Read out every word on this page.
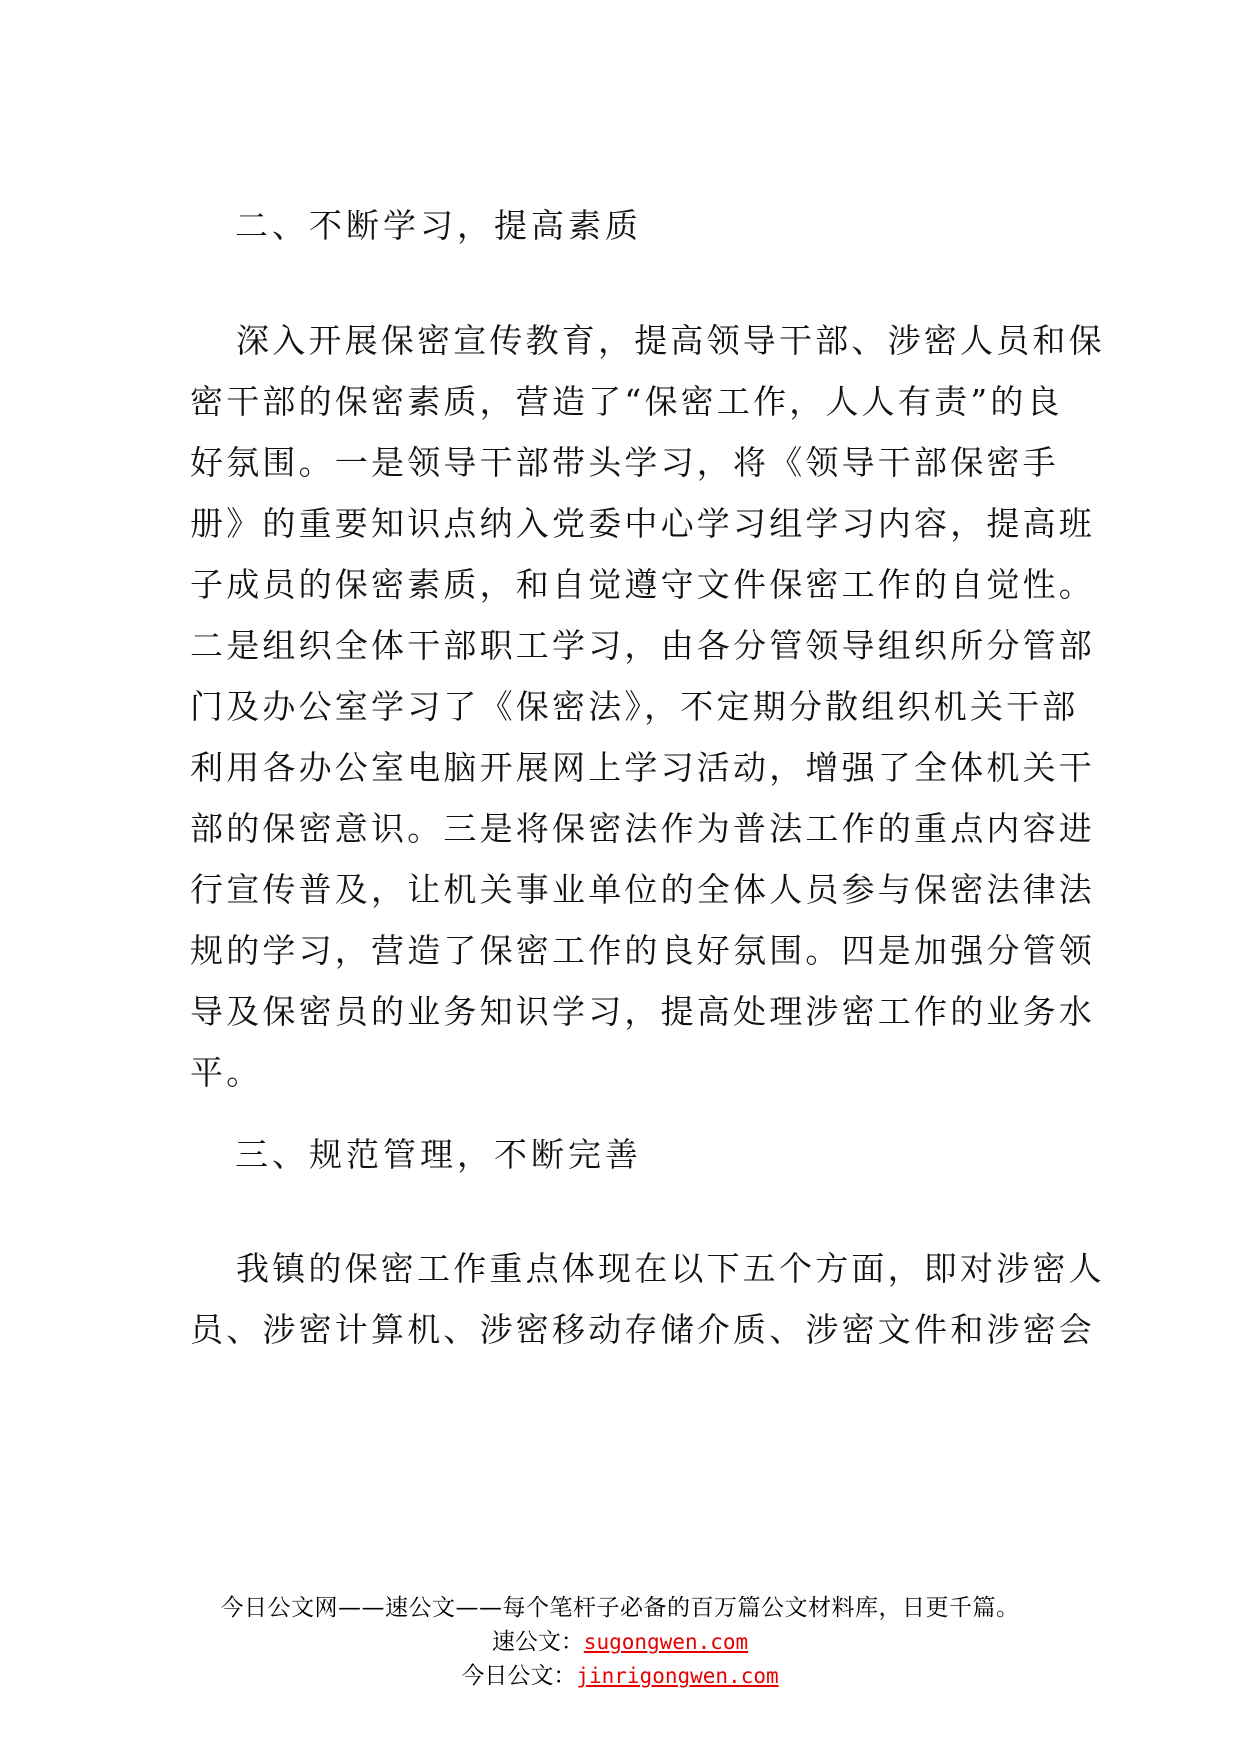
二、不断学习，提高素质
深入开展保密宣传教育，提高领导干部、涉密人员和保
密干部的保密素质，营造了“保密工作，人人有责”的良
好氛围。一是领导干部带头学习，将《领导干部保密手
册》的重要知识点纳入党委中心学习组学习内容，提高班
子成员的保密素质，和自觉遵守文件保密工作的自觉性。
二是组织全体干部职工学习，由各分管领导组织所分管部
门及办公室学习了《保密法》，不定期分散组织机关干部
利用各办公室电脑开展网上学习活动，增强了全体机关干
部的保密意识。三是将保密法作为普法工作的重点内容进
行宣传普及，让机关事业单位的全体人员参与保密法律法
规的学习，营造了保密工作的良好氛围。四是加强分管领
导及保密员的业务知识学习，提高处理涉密工作的业务水
平。
三、规范管理，不断完善
我镇的保密工作重点体现在以下五个方面，即对涉密人
员、涉密计算机、涉密移动存储介质、涉密文件和涉密会
今日公文网——速公文——每个笔杆子必备的百万篇公文材料库，日更千篇。
速公文：sugongwen.com
今日公文：jinrigongwen.com
